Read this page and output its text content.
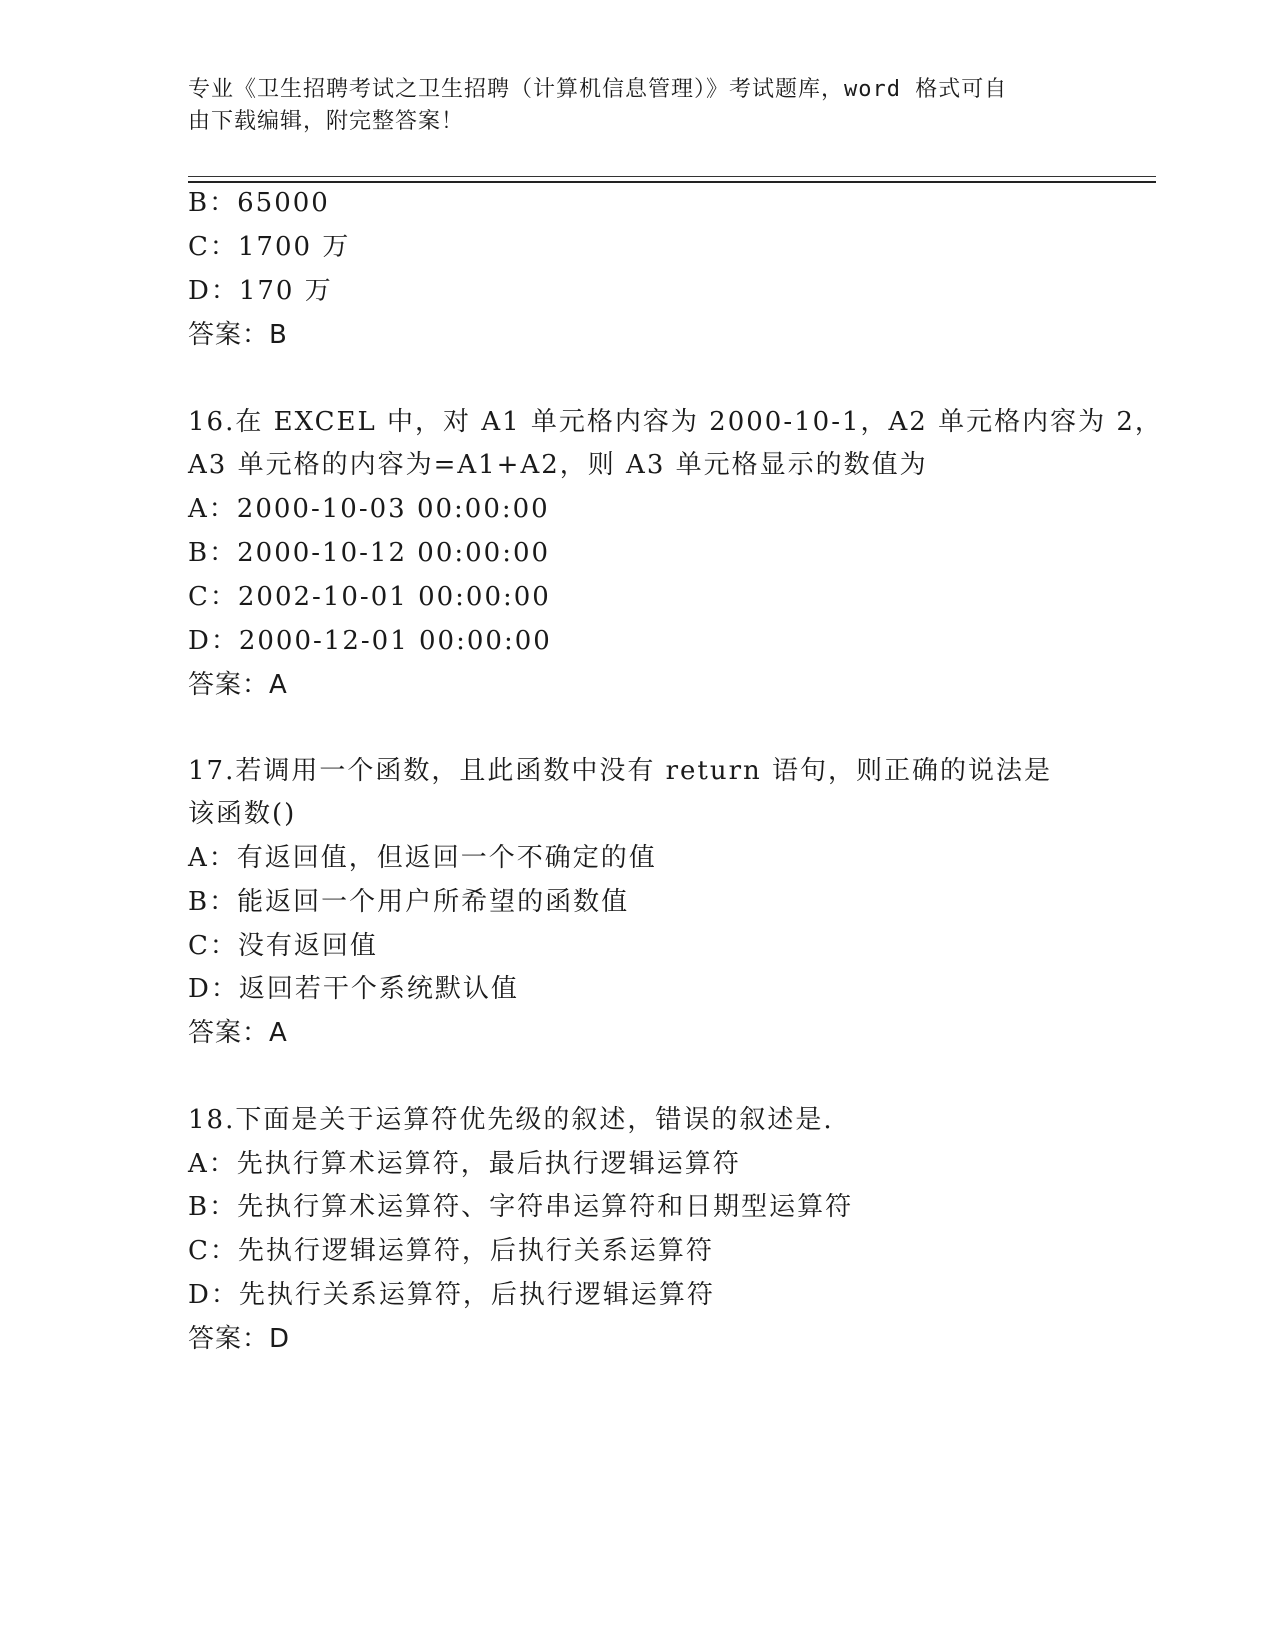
专业《卫生招聘考试之卫生招聘（计算机信息管理）》考试题库，word 格式可自
由下载编辑，附完整答案！
B：65000
C：1700 万
D：170 万
答案：B
16.在 EXCEL 中，对 A1 单元格内容为 2000-10-1，A2 单元格内容为 2，
A3 单元格的内容为=A1+A2，则 A3 单元格显示的数值为
A：2000-10-03 00:00:00
B：2000-10-12 00:00:00
C：2002-10-01 00:00:00
D：2000-12-01 00:00:00
答案：A
17.若调用一个函数，且此函数中没有 return 语句，则正确的说法是
该函数()
A：有返回值，但返回一个不确定的值
B：能返回一个用户所希望的函数值
C：没有返回值
D：返回若干个系统默认值
答案：A
18.下面是关于运算符优先级的叙述，错误的叙述是.
A：先执行算术运算符，最后执行逻辑运算符
B：先执行算术运算符、字符串运算符和日期型运算符
C：先执行逻辑运算符，后执行关系运算符
D：先执行关系运算符，后执行逻辑运算符
答案：D
